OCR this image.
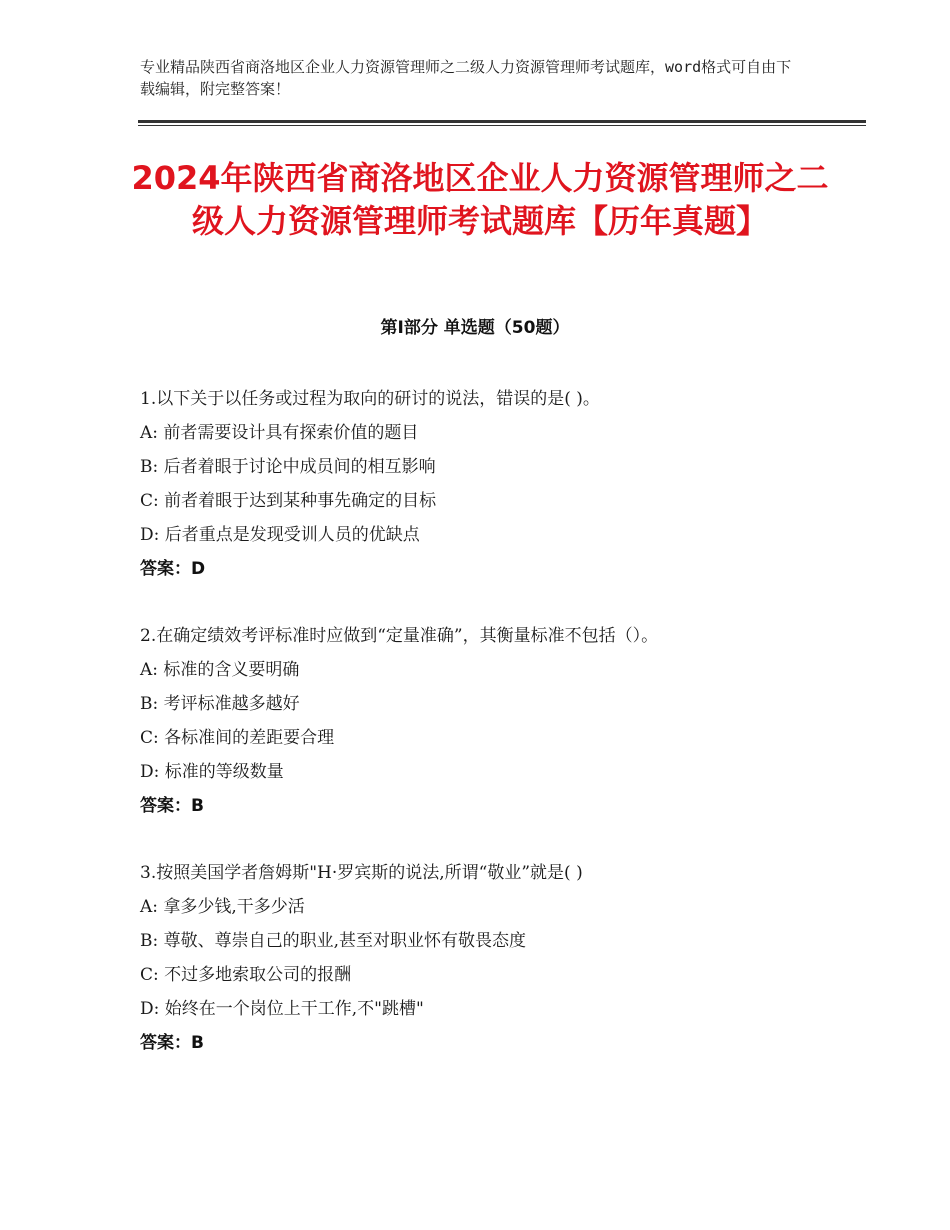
专业精品陕西省商洛地区企业人力资源管理师之二级人力资源管理师考试题库，word格式可自由下载编辑，附完整答案！
2024年陕西省商洛地区企业人力资源管理师之二级人力资源管理师考试题库【历年真题】
第Ⅰ部分 单选题（50题）
1.以下关于以任务或过程为取向的研讨的说法，错误的是( )。
A: 前者需要设计具有探索价值的题目
B: 后者着眼于讨论中成员间的相互影响
C: 前者着眼于达到某种事先确定的目标
D: 后者重点是发现受训人员的优缺点
答案：D
2.在确定绩效考评标准时应做到“定量准确”，其衡量标准不包括（）。
A: 标准的含义要明确
B: 考评标准越多越好
C: 各标准间的差距要合理
D: 标准的等级数量
答案：B
3.按照美国学者詹姆斯"H·罗宾斯的说法,所谓“敬业”就是( )
A: 拿多少钱,干多少活
B: 尊敬、尊崇自己的职业,甚至对职业怀有敬畏态度
C: 不过多地索取公司的报酬
D: 始终在一个岗位上干工作,不"跳槽"
答案：B
